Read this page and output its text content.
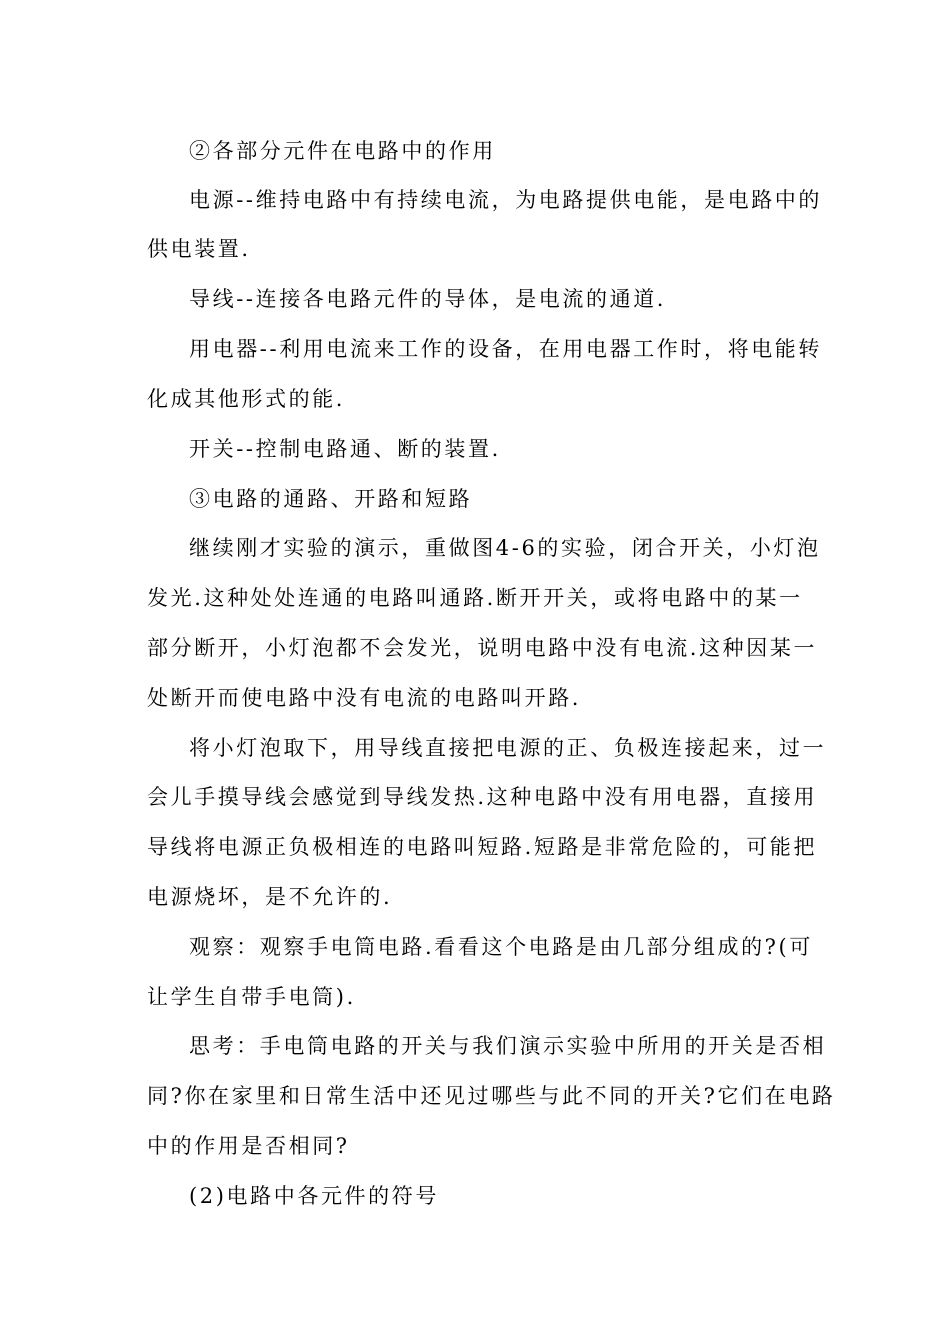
②各部分元件在电路中的作用

电源--维持电路中有持续电流，为电路提供电能，是电路中的

供电装置.

导线--连接各电路元件的导体，是电流的通道.

用电器--利用电流来工作的设备，在用电器工作时，将电能转

化成其他形式的能.

开关--控制电路通、断的装置.

③电路的通路、开路和短路

继续刚才实验的演示，重做图4-6的实验，闭合开关，小灯泡

发光.这种处处连通的电路叫通路.断开开关，或将电路中的某一

部分断开，小灯泡都不会发光，说明电路中没有电流.这种因某一

处断开而使电路中没有电流的电路叫开路.

将小灯泡取下，用导线直接把电源的正、负极连接起来，过一

会儿手摸导线会感觉到导线发热.这种电路中没有用电器，直接用

导线将电源正负极相连的电路叫短路.短路是非常危险的，可能把

电源烧坏，是不允许的.

观察：观察手电筒电路.看看这个电路是由几部分组成的?(可

让学生自带手电筒).

思考：手电筒电路的开关与我们演示实验中所用的开关是否相

同?你在家里和日常生活中还见过哪些与此不同的开关?它们在电路

中的作用是否相同?

(2)电路中各元件的符号
